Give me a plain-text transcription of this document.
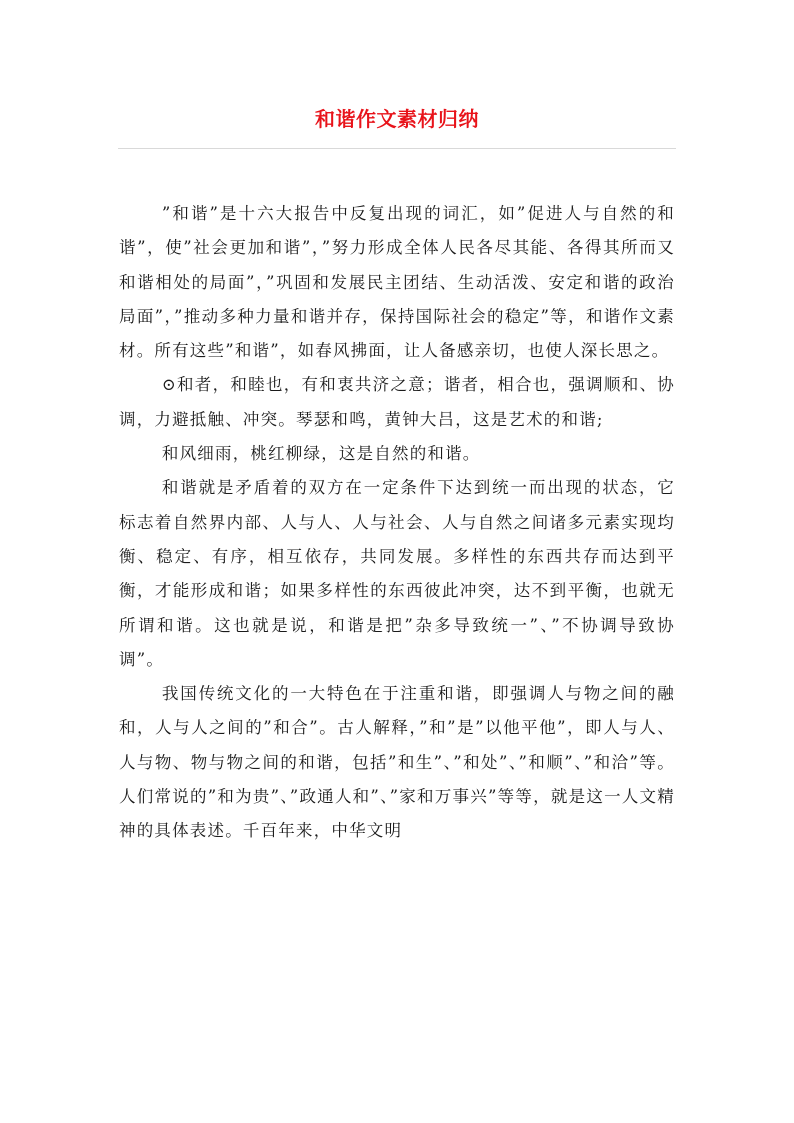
和谐作文素材归纳

”和谐”是十六大报告中反复出现的词汇，如”促进人与自然的和谐”，使”社会更加和谐”，”努力形成全体人民各尽其能、各得其所而又和谐相处的局面”，”巩固和发展民主团结、生动活泼、安定和谐的政治局面”，”推动多种力量和谐并存，保持国际社会的稳定”等，和谐作文素材。所有这些”和谐”，如春风拂面，让人备感亲切，也使人深长思之。

⊙和者，和睦也，有和衷共济之意；谐者，相合也，强调顺和、协调，力避抵触、冲突。琴瑟和鸣，黄钟大吕，这是艺术的和谐;

和风细雨，桃红柳绿，这是自然的和谐。

和谐就是矛盾着的双方在一定条件下达到统一而出现的状态，它标志着自然界内部、人与人、人与社会、人与自然之间诸多元素实现均衡、稳定、有序，相互依存，共同发展。多样性的东西共存而达到平衡，才能形成和谐；如果多样性的东西彼此冲突，达不到平衡，也就无所谓和谐。这也就是说，和谐是把”杂多导致统一”、”不协调导致协调”。

我国传统文化的一大特色在于注重和谐，即强调人与物之间的融和，人与人之间的”和合”。古人解释，”和”是”以他平他”，即人与人、人与物、物与物之间的和谐，包括”和生”、”和处”、”和顺”、”和洽”等。人们常说的”和为贵”、”政通人和”、”家和万事兴”等等，就是这一人文精神的具体表述。千百年来，中华文明
